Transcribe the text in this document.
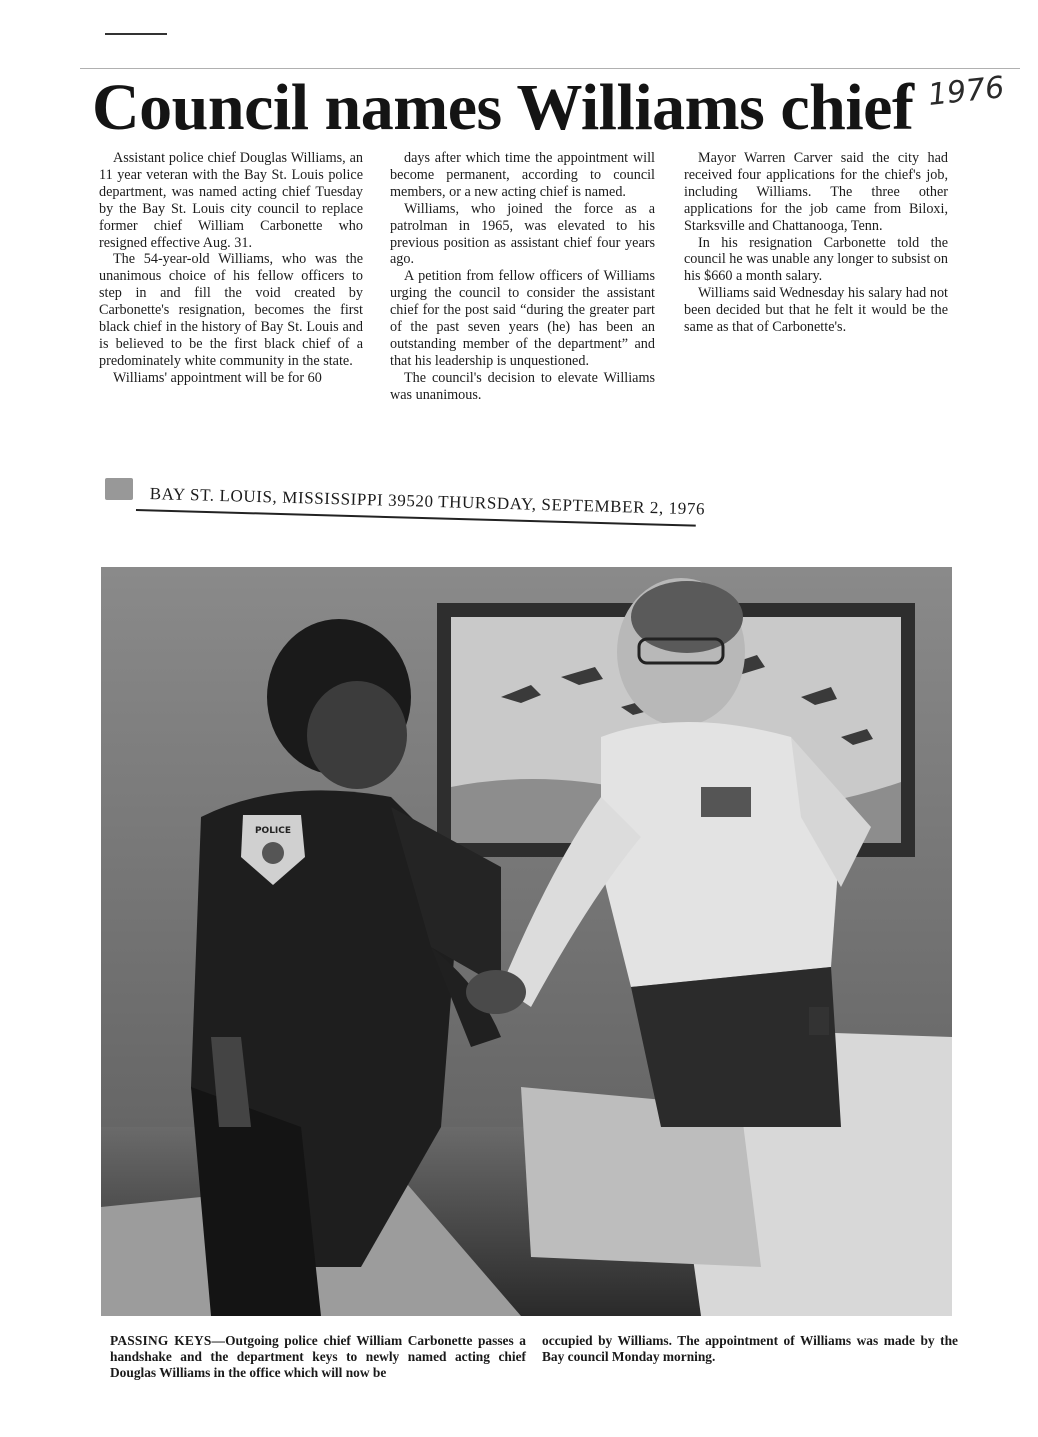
Council names Williams chief 1976

Assistant police chief Douglas Williams, an 11 year veteran with the Bay St. Louis police department, was named acting chief Tuesday by the Bay St. Louis city council to replace former chief William Carbonette who resigned effective Aug. 31.

The 54-year-old Williams, who was the unanimous choice of his fellow officers to step in and fill the void created by Carbonette's resignation, becomes the first black chief in the history of Bay St. Louis and is believed to be the first black chief of a predominately white community in the state.

Williams' appointment will be for 60

days after which time the appointment will become permanent, according to council members, or a new acting chief is named.

Williams, who joined the force as a patrolman in 1965, was elevated to his previous position as assistant chief four years ago.

A petition from fellow officers of Williams urging the council to consider the assistant chief for the post said “during the greater part of the past seven years (he) has been an outstanding member of the department” and that his leadership is unquestioned.

The council's decision to elevate Williams was unanimous.

Mayor Warren Carver said the city had received four applications for the chief's job, including Williams. The three other applications for the job came from Biloxi, Starksville and Chattanooga, Tenn.

In his resignation Carbonette told the council he was unable any longer to subsist on his $660 a month salary.

Williams said Wednesday his salary had not been decided but that he felt it would be the same as that of Carbonette's.

BAY ST. LOUIS, MISSISSIPPI 39520 THURSDAY, SEPTEMBER 2, 1976
POLICE
PASSING KEYS—Outgoing police chief William Carbonette passes a handshake and the department keys to newly named acting chief Douglas Williams in the office which will now be
occupied by Williams. The appointment of Williams was made by the Bay council Monday morning.
